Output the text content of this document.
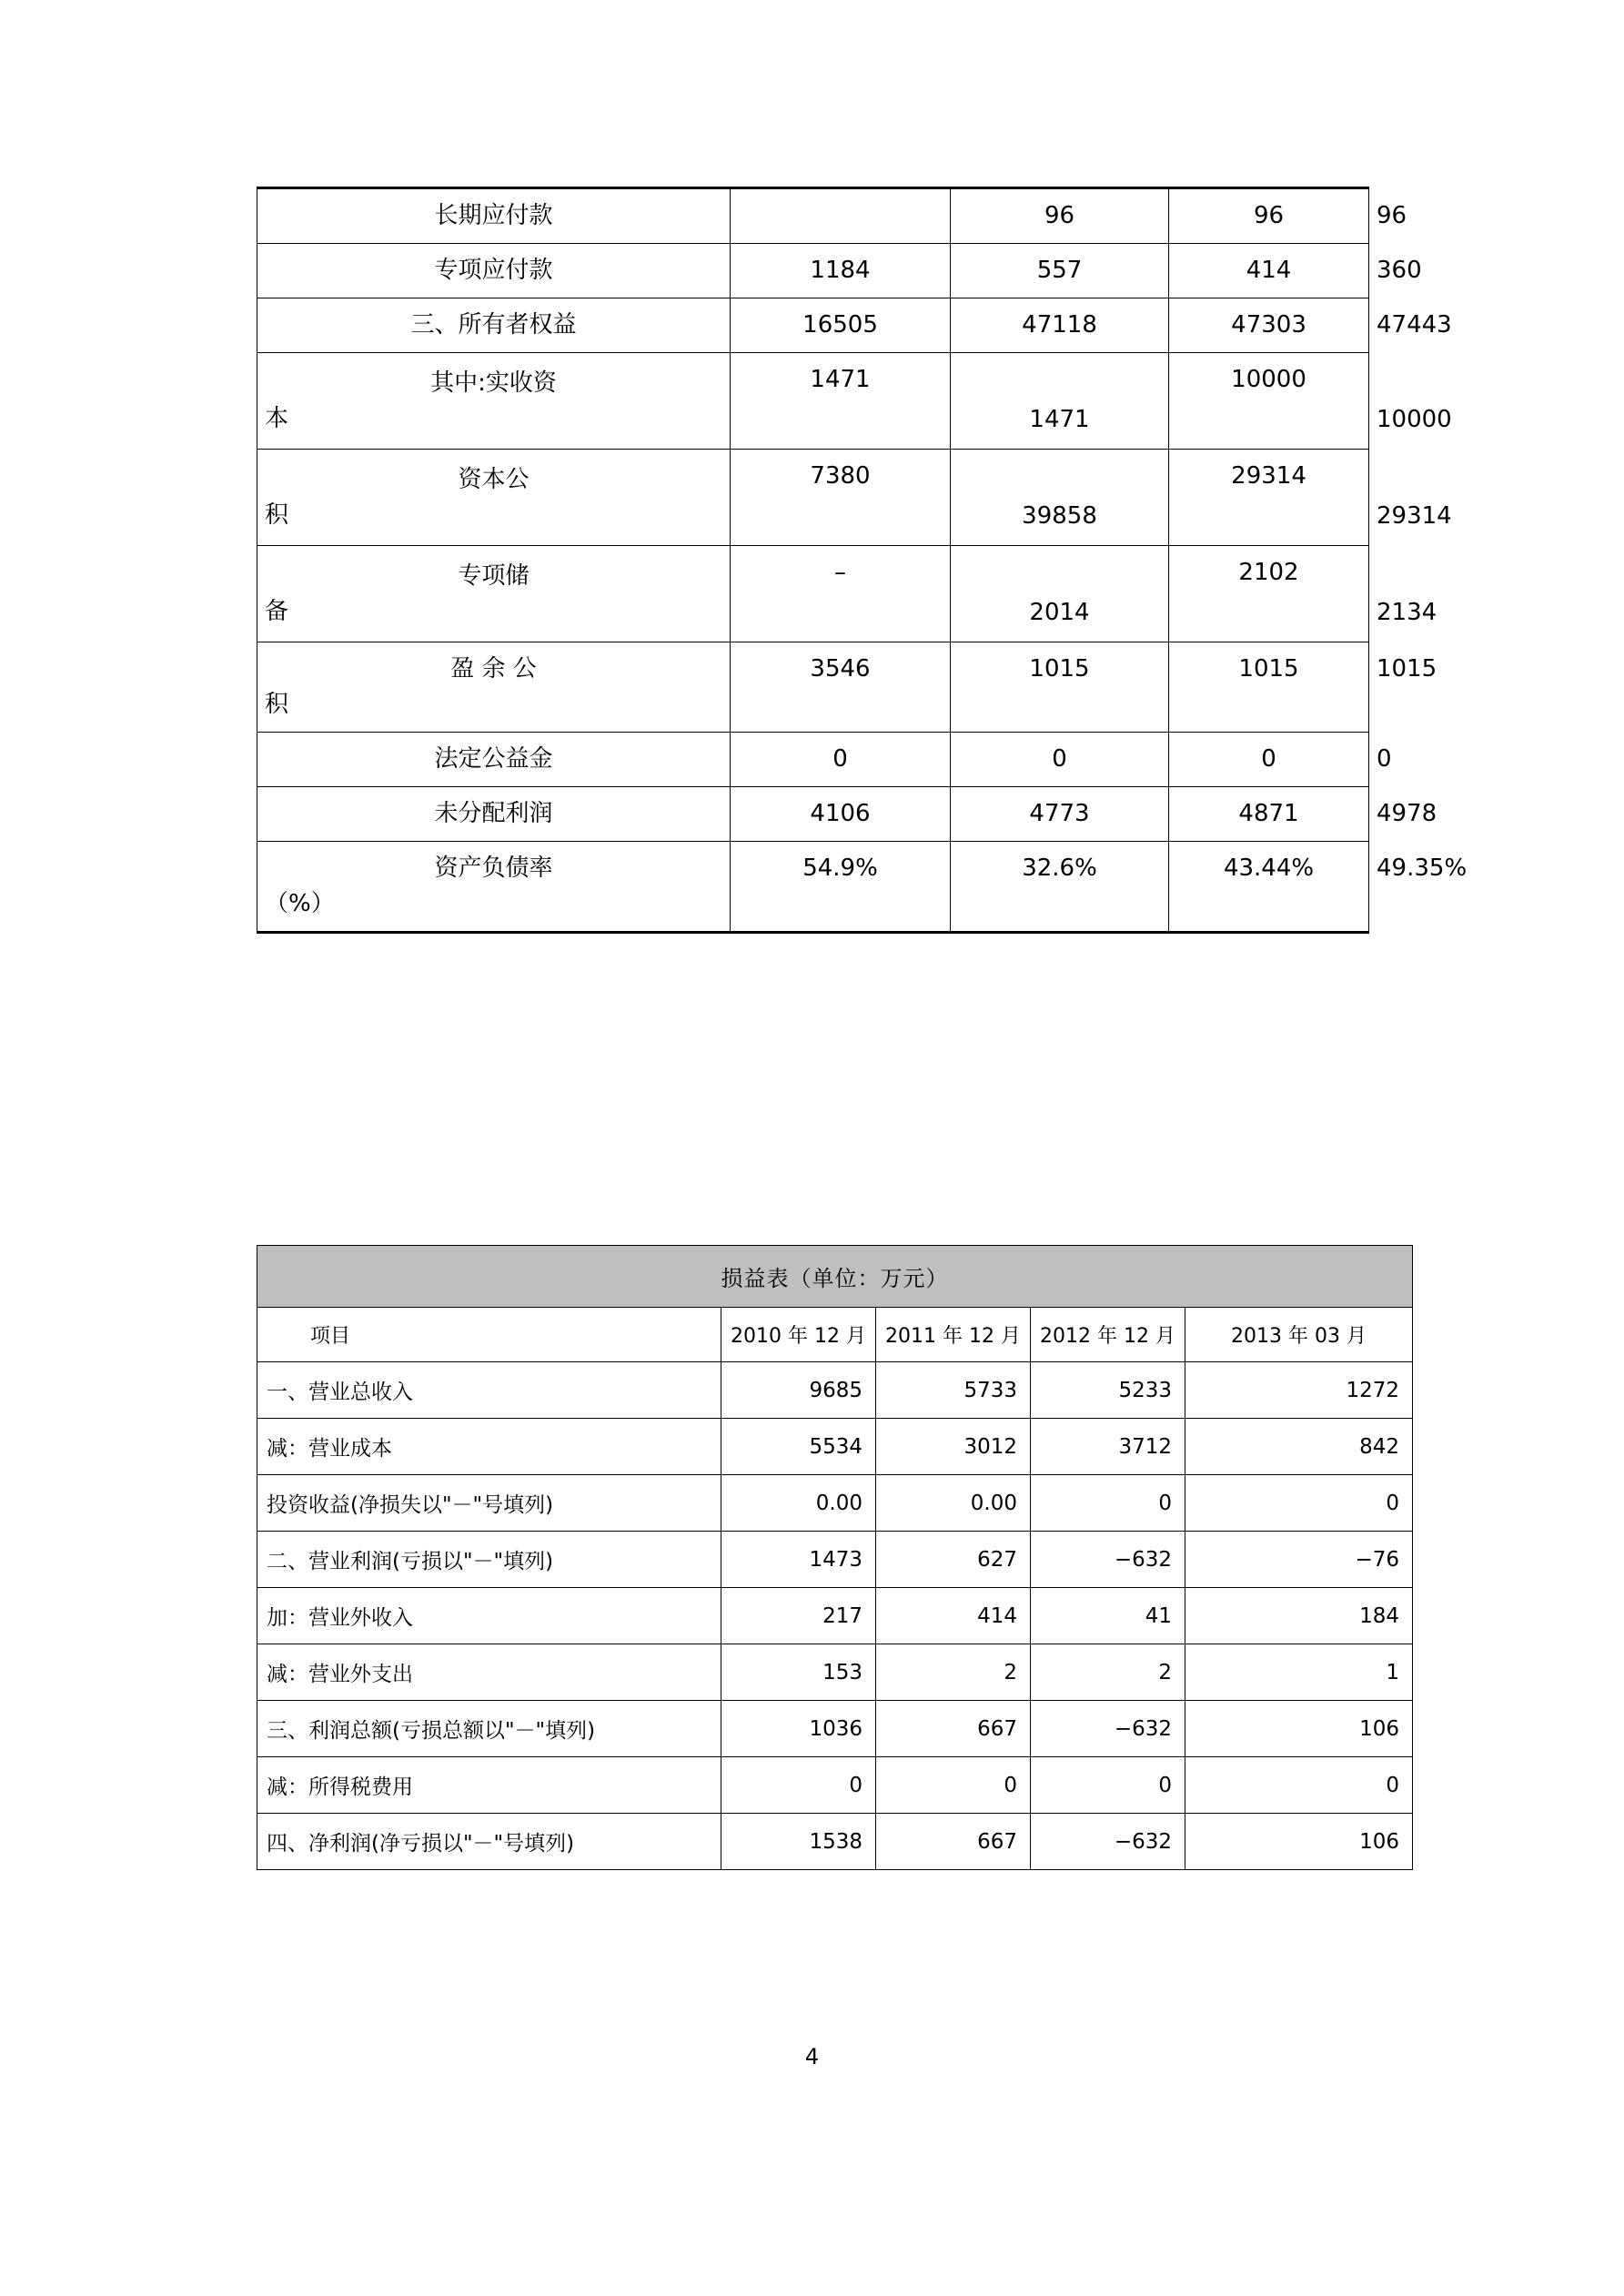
长期应付款		96	96	96
专项应付款	1184	557	414	360
三、所有者权益	16505	47118	47303	47443

其中:实收资
本	1471	1471	10000	10000

资本公
积	7380	39858	29314	29314

专项储
备	–	2014	2102	2134

盈 余 公
积	3546	1015	1015	1015
法定公益金	0	0	0	0
未分配利润	4106	4773	4871	4978

资产负债率
（%）	54.9%	32.6%	43.44%	49.35%
损益表（单位：万元）				
项目	2010 年 12 月	2011 年 12 月	2012 年 12 月	2013 年 03 月
一、营业总收入	9685	5733	5233	1272
减：营业成本	5534	3012	3712	842
投资收益(净损失以"－"号填列)	0.00	0.00	0	0
二、营业利润(亏损以"－"填列)	1473	627	−632	−76
加：营业外收入	217	414	41	184
减：营业外支出	153	2	2	1
三、利润总额(亏损总额以"－"填列)	1036	667	−632	106
减：所得税费用	0	0	0	0
四、净利润(净亏损以"－"号填列)	1538	667	−632	106
4
